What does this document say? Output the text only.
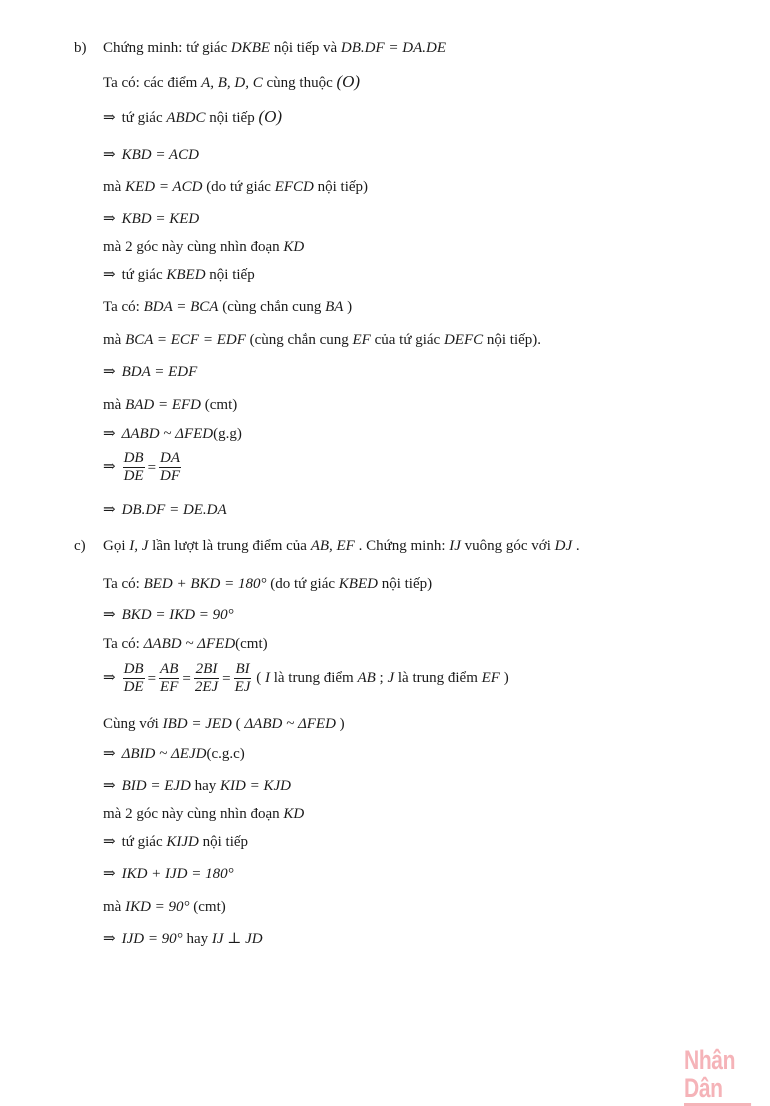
b) Chứng minh: tứ giác DKBE nội tiếp và DB.DF = DA.DE
Ta có: các điểm A, B, D, C cùng thuộc (O)
⇒ tứ giác ABDC nội tiếp (O)
⇒ KBD = ACD
mà KED = ACD (do tứ giác EFCD nội tiếp)
⇒ KBD = KED
mà 2 góc này cùng nhìn đoạn KD
⇒ tứ giác KBED nội tiếp
Ta có: BDA = BCA (cùng chắn cung BA )
mà BCA = ECF = EDF (cùng chắn cung EF của tứ giác DEFC nội tiếp).
⇒ BDA = EDF
mà BAD = EFD (cmt)
⇒ ΔABD ~ ΔFED(g.g)
⇒ $\frac{DB}{DE} = \frac{DA}{DF}$
⇒ DB.DF = DE.DA
c) Gọi I, J lần lượt là trung điểm của AB, EF . Chứng minh: IJ vuông góc với DJ .
Ta có: BED + BKD = 180° (do tứ giác KBED nội tiếp)
⇒ BKD = IKD = 90°
Ta có: ΔABD ~ ΔFED(cmt)
⇒ $\frac{DB}{DE} = \frac{AB}{EF} = \frac{2BI}{2EJ} = \frac{BI}{EJ}$ ( I là trung điểm AB ; J là trung điểm EF )
Cùng với IBD = JED ( ΔABD ~ ΔFED )
⇒ ΔBID ~ ΔEJD(c.g.c)
⇒ BID = EJD hay KID = KJD
mà 2 góc này cùng nhìn đoạn KD
⇒ tứ giác KIJD nội tiếp
⇒ IKD + IJD = 180°
mà IKD = 90° (cmt)
⇒ IJD = 90° hay IJ ⊥ JD
Nhân Dân
